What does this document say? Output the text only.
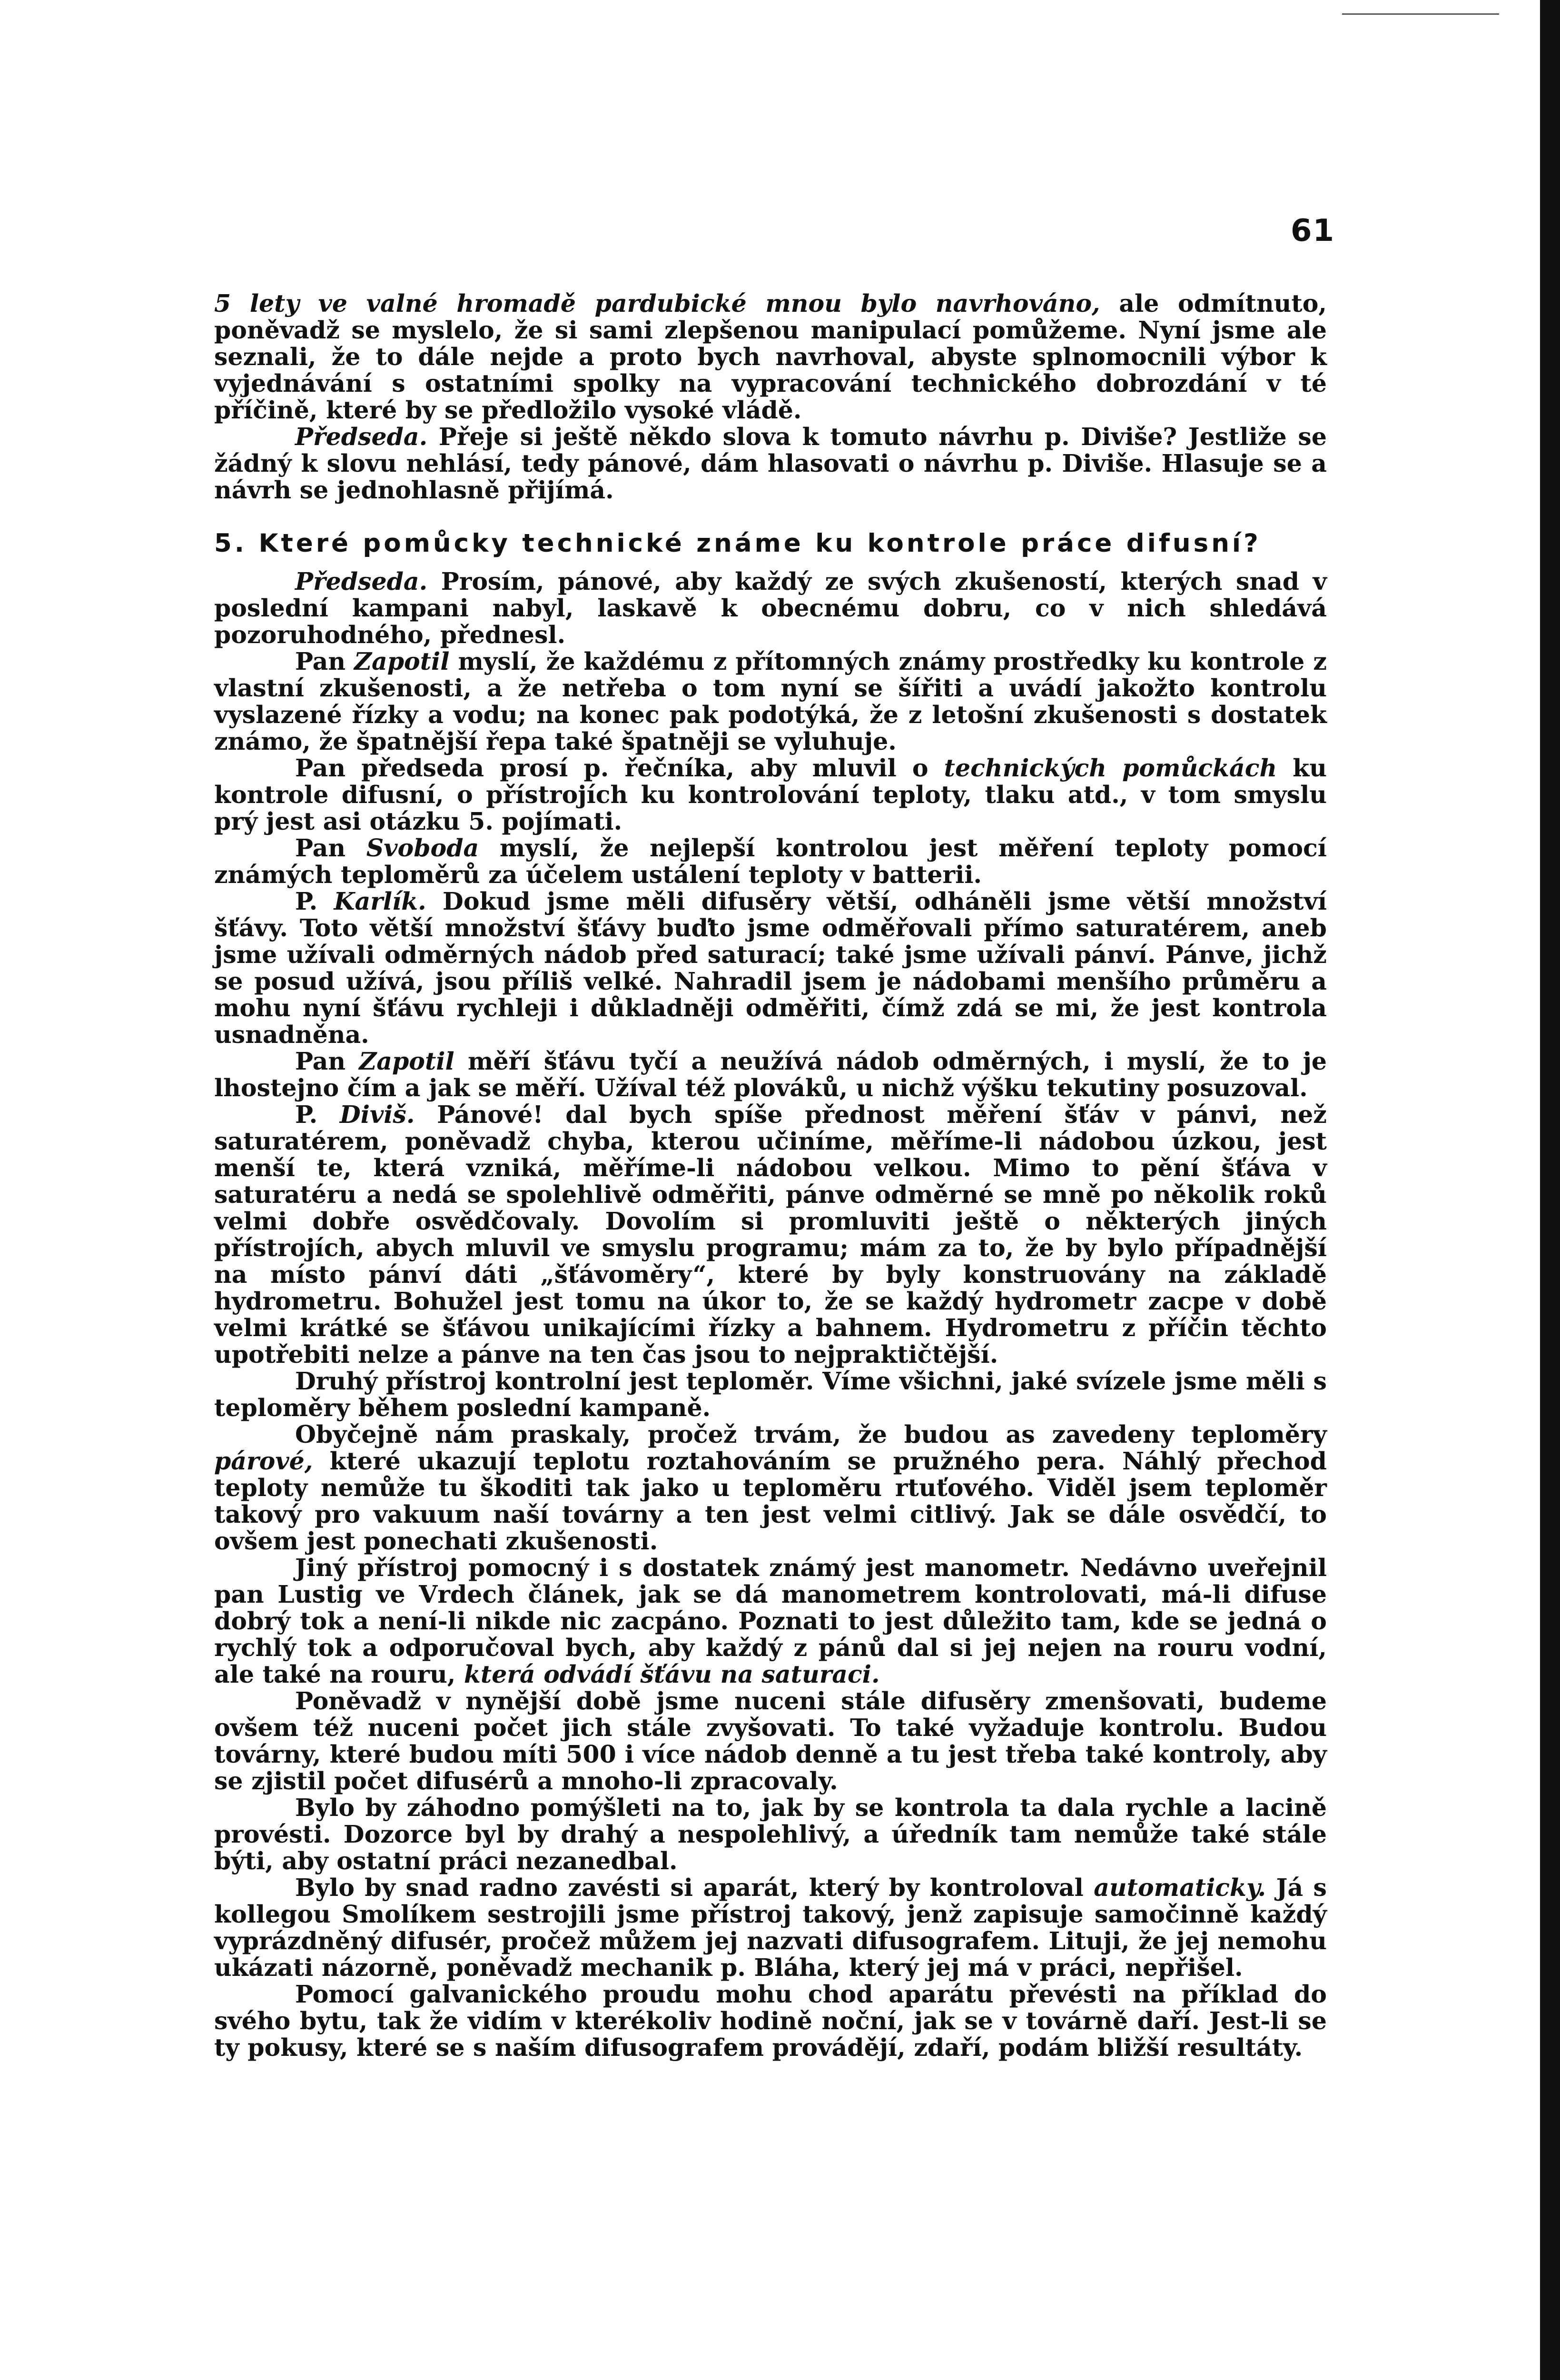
61

5 lety ve valné hromadě pardubické mnou bylo navrhováno, ale odmítnuto, poněvadž se myslelo, že si sami zlepšenou manipulací pomůžeme. Nyní jsme ale seznali, že to dále nejde a proto bych navrhoval, abyste splnomocnili výbor k vyjednávání s ostatními spolky na vypracování technického dobrozdání v té příčině, které by se předložilo vysoké vládě.

Předseda. Přeje si ještě někdo slova k tomuto návrhu p. Diviše? Jestliže se žádný k slovu nehlásí, tedy pánové, dám hlasovati o návrhu p. Diviše. Hlasuje se a návrh se jednohlasně přijímá.

5. Které pomůcky technické známe ku kontrole práce difusní?

Předseda. Prosím, pánové, aby každý ze svých zkušeností, kterých snad v poslední kampani nabyl, laskavě k obecnému dobru, co v nich shledává pozoruhodného, přednesl.

Pan Zapotil myslí, že každému z přítomných známy prostředky ku kontrole z vlastní zkušenosti, a že netřeba o tom nyní se šířiti a uvádí jakožto kontrolu vyslazené řízky a vodu; na konec pak podotýká, že z letošní zkušenosti s dostatek známo, že špatnější řepa také špatněji se vyluhuje.

Pan předseda prosí p. řečníka, aby mluvil o technických pomůckách ku kontrole difusní, o přístrojích ku kontrolování teploty, tlaku atd., v tom smyslu prý jest asi otázku 5. pojímati.

Pan Svoboda myslí, že nejlepší kontrolou jest měření teploty pomocí známých teploměrů za účelem ustálení teploty v batterii.

P. Karlík. Dokud jsme měli difusěry větší, odháněli jsme větší množství šťávy. Toto větší množství šťávy buďto jsme odměřovali přímo saturatérem, aneb jsme užívali odměrných nádob před saturací; také jsme užívali pánví. Pánve, jichž se posud užívá, jsou příliš velké. Nahradil jsem je nádobami menšího průměru a mohu nyní šťávu rychleji i důkladněji odměřiti, čímž zdá se mi, že jest kontrola usnadněna.

Pan Zapotil měří šťávu tyčí a neužívá nádob odměrných, i myslí, že to je lhostejno čím a jak se měří. Užíval též plováků, u nichž výšku tekutiny posuzoval.

P. Diviš. Pánové! dal bych spíše přednost měření šťáv v pánvi, než saturatérem, poněvadž chyba, kterou učiníme, měříme-li nádobou úzkou, jest menší te, která vzniká, měříme-li nádobou velkou. Mimo to pění šťáva v saturatéru a nedá se spolehlivě odměřiti, pánve odměrné se mně po několik roků velmi dobře osvědčovaly. Dovolím si promluviti ještě o některých jiných přístrojích, abych mluvil ve smyslu programu; mám za to, že by bylo případnější na místo pánví dáti „šťávoměry“, které by byly konstruovány na základě hydrometru. Bohužel jest tomu na úkor to, že se každý hydrometr zacpe v době velmi krátké se šťávou unikajícími řízky a bahnem. Hydrometru z příčin těchto upotřebiti nelze a pánve na ten čas jsou to nejpraktičtější.

Druhý přístroj kontrolní jest teploměr. Víme všichni, jaké svízele jsme měli s teploměry během poslední kampaně.

Obyčejně nám praskaly, pročež trvám, že budou as zavedeny teploměry párové, které ukazují teplotu roztahováním se pružného pera. Náhlý přechod teploty nemůže tu škoditi tak jako u teploměru rtuťového. Viděl jsem teploměr takový pro vakuum naší továrny a ten jest velmi citlivý. Jak se dále osvědčí, to ovšem jest ponechati zkušenosti.

Jiný přístroj pomocný i s dostatek známý jest manometr. Nedávno uveřejnil pan Lustig ve Vrdech článek, jak se dá manometrem kontrolovati, má-li difuse dobrý tok a není-li nikde nic zacpáno. Poznati to jest důležito tam, kde se jedná o rychlý tok a odporučoval bych, aby každý z pánů dal si jej nejen na rouru vodní, ale také na rouru, která odvádí šťávu na saturaci.

Poněvadž v nynější době jsme nuceni stále difusěry zmenšovati, budeme ovšem též nuceni počet jich stále zvyšovati. To také vyžaduje kontrolu. Budou továrny, které budou míti 500 i více nádob denně a tu jest třeba také kontroly, aby se zjistil počet difusérů a mnoho-li zpracovaly.

Bylo by záhodno pomýšleti na to, jak by se kontrola ta dala rychle a lacině provésti. Dozorce byl by drahý a nespolehlivý, a úředník tam nemůže také stále býti, aby ostatní práci nezanedbal.

Bylo by snad radno zavésti si aparát, který by kontroloval automaticky. Já s kollegou Smolíkem sestrojili jsme přístroj takový, jenž zapisuje samočinně každý vyprázdněný difusér, pročež můžem jej nazvati difusografem. Lituji, že jej nemohu ukázati názorně, poněvadž mechanik p. Bláha, který jej má v práci, nepřišel.

Pomocí galvanického proudu mohu chod aparátu převésti na příklad do svého bytu, tak že vidím v kterékoliv hodině noční, jak se v továrně daří. Jest-li se ty pokusy, které se s naším difusografem provádějí, zdaří, podám bližší resultáty.
